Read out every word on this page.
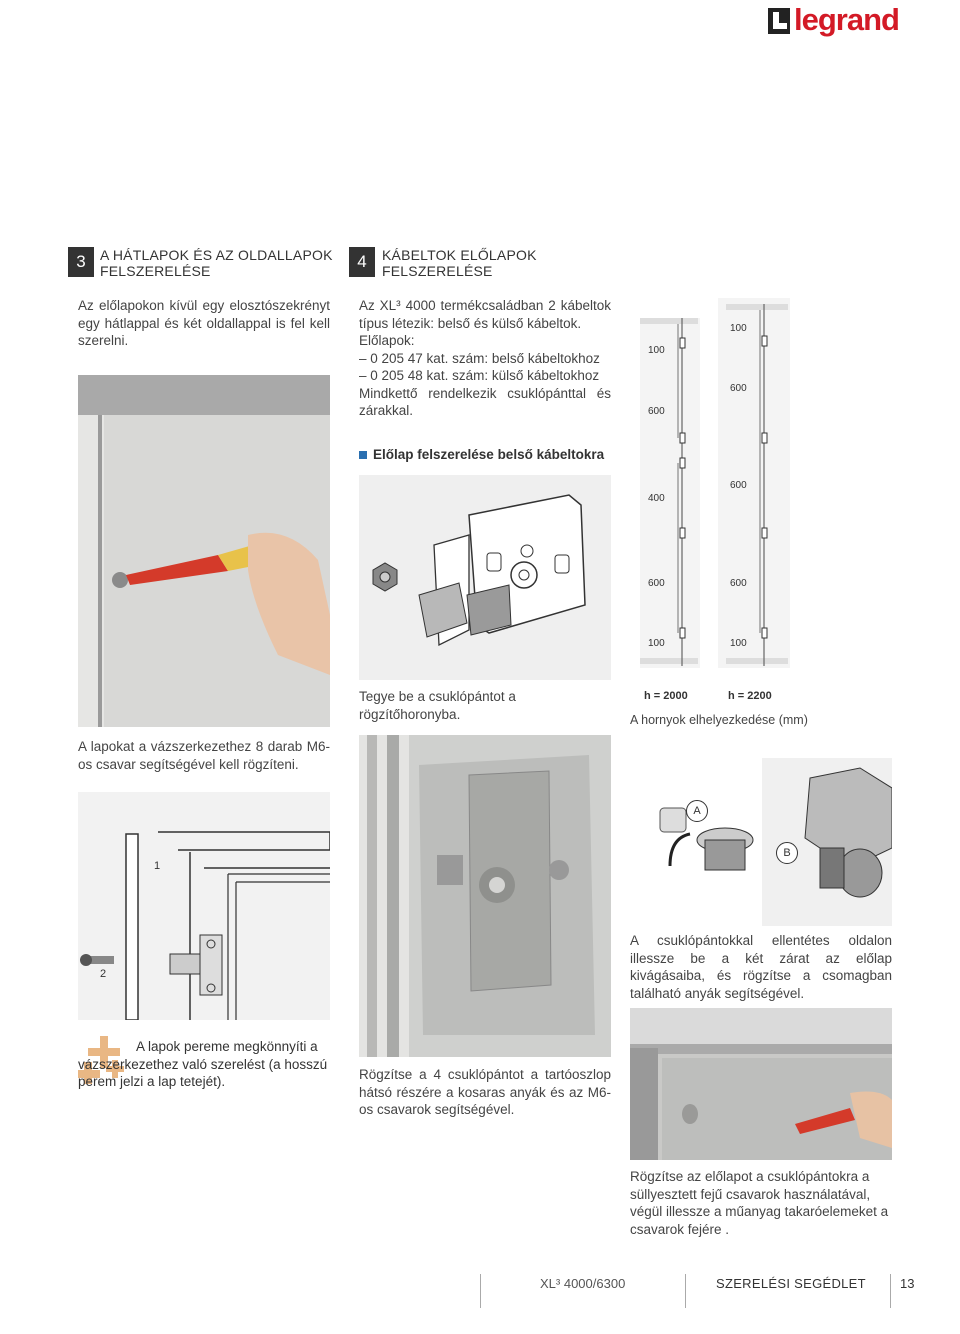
legrand
3	A HÁTLAPOK ÉS AZ OLDALLAPOK
FELSZERELÉSE
Az előlapokon kívül egy elosztószekrényt egy hátlappal és két oldallappal is fel kell szerelni.
A lapokat a vázszerkezethez 8 darab M6-os csavar segítségével kell rögzíteni.
1
2
A lapok pereme megkönnyíti a vázszerkezethez való szerelést (a hosszú perem jelzi a lap tetejét).
4	KÁBELTOK ELŐLAPOK
FELSZERELÉSE
Az XL³ 4000 termékcsaládban 2 kábeltok típus létezik: belső és külső kábeltok.
Előlapok:
– 0 205 47 kat. szám: belső kábeltokhoz
– 0 205 48 kat. szám: külső kábeltokhoz
Mindkettő rendelkezik csuklópánttal és zárakkal.
Előlap felszerelése belső kábeltokra
Tegye be a csuklópántot a rögzítőhoronyba.
Rögzítse a 4 csuklópántot a tartóoszlop hátsó részére a kosaras anyák és az M6-os csavarok segítségével.
100
600
400
600
100
100
600
600
600
100
h = 2000	h = 2200
A hornyok elhelyezkedése (mm)
A
B
A csuklópántokkal ellentétes oldalon illessze be a két zárat az előlap kivágásaiba, és rögzítse a csomagban található anyák segítségével.
Rögzítse az előlapot a csuklópántokra a süllyesztett fejű csavarok használatával, végül illessze a műanyag takaróelemeket a csavarok fejére .
XL³ 4000/6300	SZERELÉSI SEGÉDLET	13
